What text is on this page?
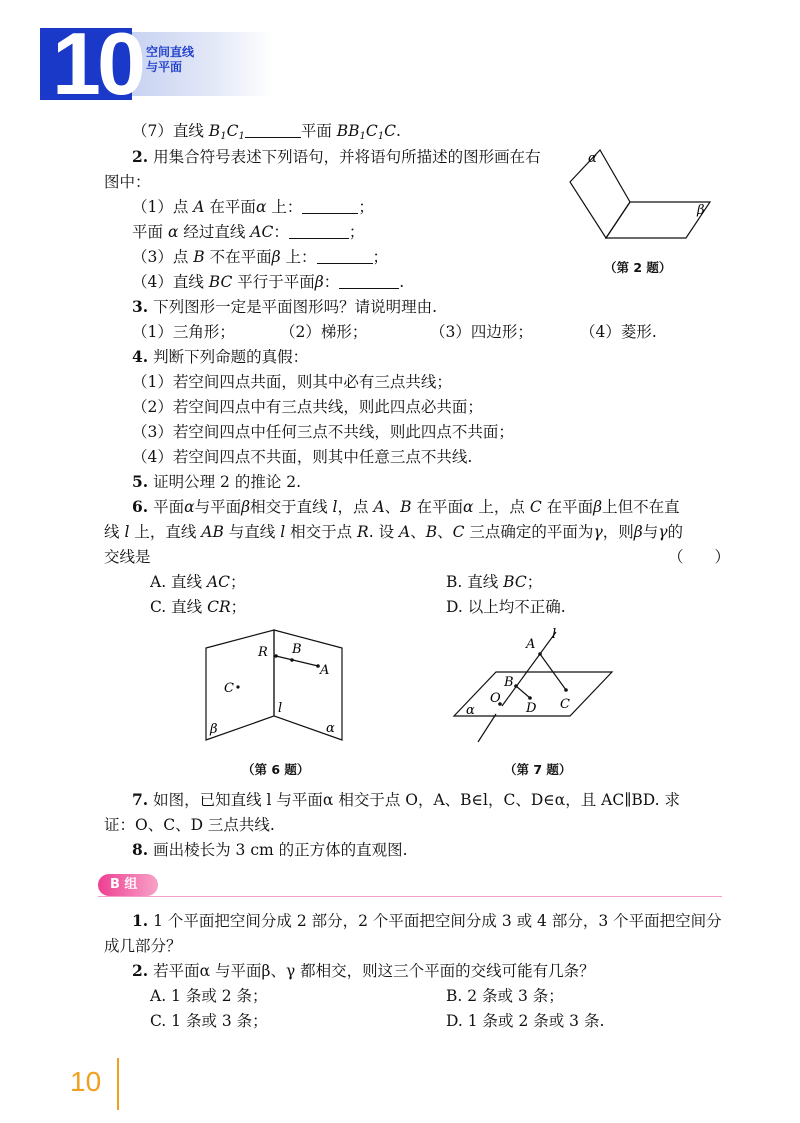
10 空间直线
与平面
（7）直线 $B_1C_1$	平面 $BB_1C_1C$.
2. 用集合符号表述下列语句，并将语句所描述的图形画在右
图中：
（1）点 A 在平面α 上：	；
平面 α 经过直线 AC：	；
（3）点 B 不在平面β 上：	；
（4）直线 BC 平行于平面β：	.
α
β
（第 2 题）
3. 下列图形一定是平面图形吗？请说明理由.
（1）三角形；	（2）梯形；	（3）四边形；	（4）菱形.
4. 判断下列命题的真假：
（1）若空间四点共面，则其中必有三点共线；
（2）若空间四点中有三点共线，则此四点必共面；
（3）若空间四点中任何三点不共线，则此四点不共面；
（4）若空间四点不共面，则其中任意三点不共线.
5. 证明公理 2 的推论 2.
6. 平面α与平面β相交于直线 l，点 A、B 在平面α 上，点 C 在平面β上但不在直
线 l 上，直线 AB 与直线 l 相交于点 R. 设 A、B、C 三点确定的平面为γ，则β与γ的
交线是	（　　）
A. 直线 AC；	B. 直线 BC；
C. 直线 CR；	D. 以上均不正确.
R B
A
C
l
β	α
（第 6 题）
A
l
B
O
D C
α
（第 7 题）
7. 如图，已知直线 l 与平面α 相交于点 O，A、B∈l，C、D∈α，且 AC∥BD. 求
证：O、C、D 三点共线.
8. 画出棱长为 3 cm 的正方体的直观图.
B 组
1. 1 个平面把空间分成 2 部分，2 个平面把空间分成 3 或 4 部分，3 个平面把空间分
成几部分？
2. 若平面α 与平面β、γ 都相交，则这三个平面的交线可能有几条？
A. 1 条或 2 条；	B. 2 条或 3 条；
C. 1 条或 3 条；	D. 1 条或 2 条或 3 条.
10
